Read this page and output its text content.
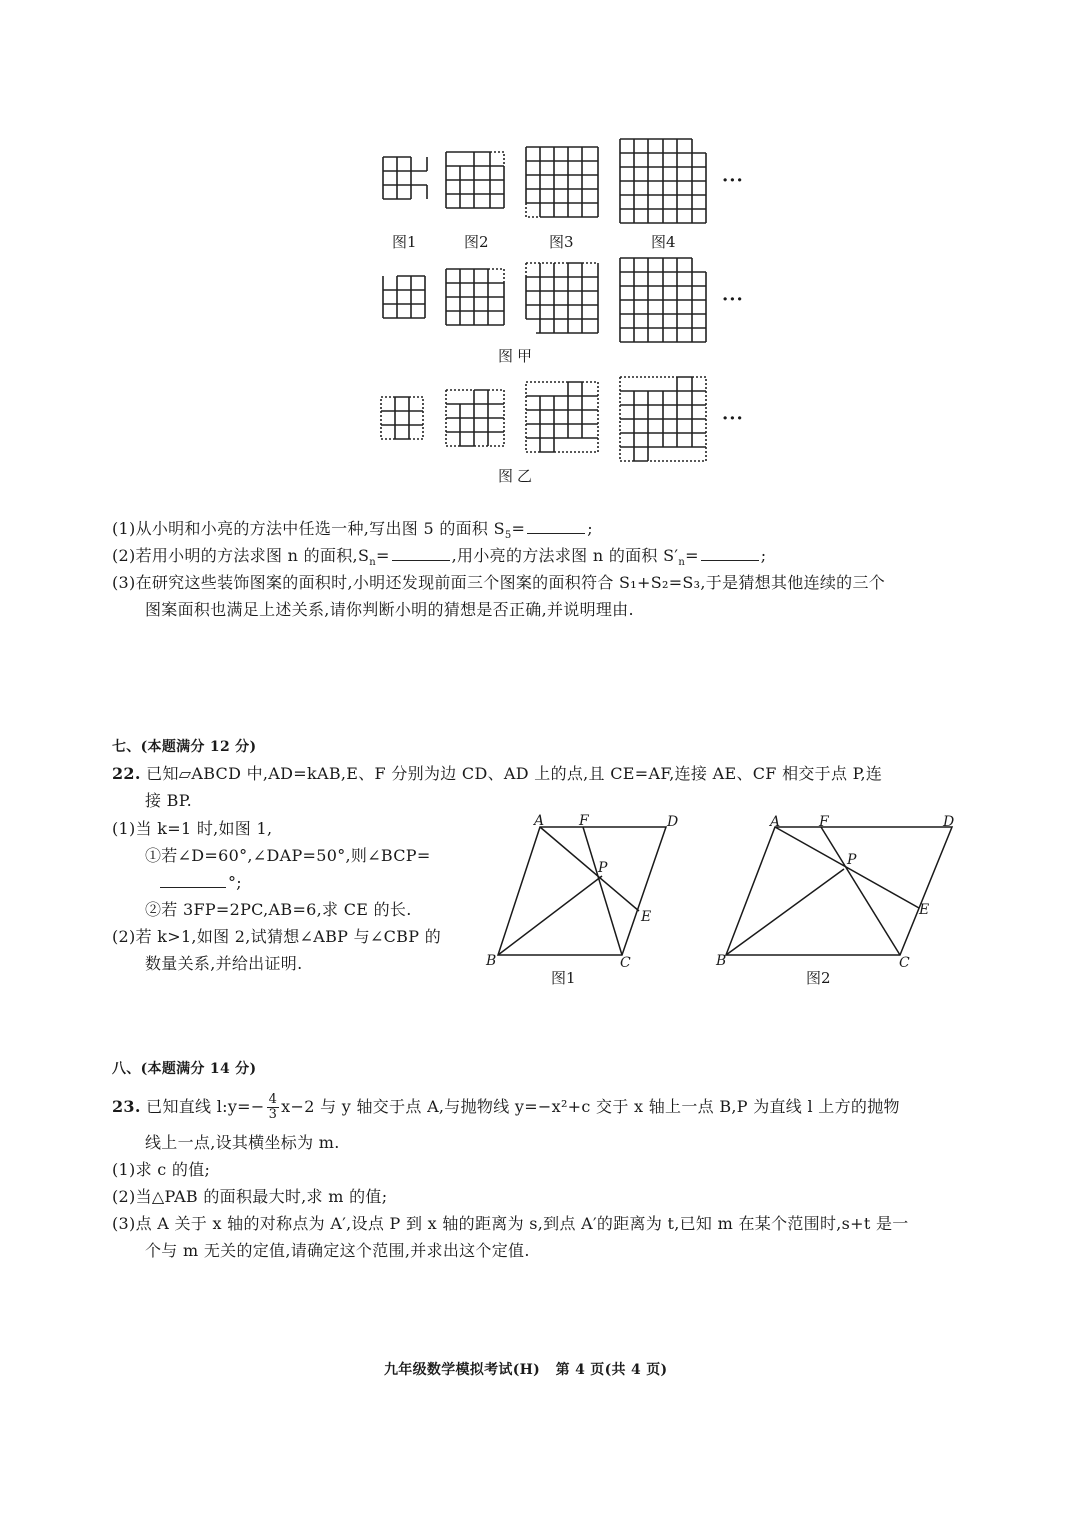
···
图1	图2	图3	图4
···
图甲
···
图乙
(1)从小明和小亮的方法中任选一种,写出图 5 的面积 $S_5=$	;
(2)若用小明的方法求图 n 的面积$,S_n=$	,用小亮的方法求图 n 的面积 $S'_n=$	;
(3)在研究这些装饰图案的面积时,小明还发现前面三个图案的面积符合 S₁+S₂=S₃,于是猜想其他连续的三个
图案面积也满足上述关系,请你判断小明的猜想是否正确,并说明理由.
七、(本题满分 12 分)
22. 已知▱ABCD 中,AD=kAB,E、F 分别为边 CD、AD 上的点,且 CE=AF,连接 AE、CF 相交于点 P,连
接 BP.
(1)当 k=1 时,如图 1,
①若∠D=60°,∠DAP=50°,则∠BCP=
°;
②若 3FP=2PC,AB=6,求 CE 的长.
(2)若 k>1,如图 2,试猜想∠ABP 与∠CBP 的
数量关系,并给出证明.
A F	D
P
E
B	C
图1
A	F	D
P
E
B	C
图2
八、(本题满分 14 分)
23. 已知直线 l:y=− $\frac{4}{3} x-2$ 与 y 轴交于点 A,与抛物线 y=−x²+c 交于 x 轴上一点 B,P 为直线 l 上方的抛物
线上一点,设其横坐标为 m.
(1)求 c 的值;
(2)当△PAB 的面积最大时,求 m 的值;
(3)点 A 关于 x 轴的对称点为 A′,设点 P 到 x 轴的距离为 s,到点 A′的距离为 t,已知 m 在某个范围时,s+t 是一
个与 m 无关的定值,请确定这个范围,并求出这个定值.
九年级数学模拟考试(H)   第 4 页(共 4 页)
